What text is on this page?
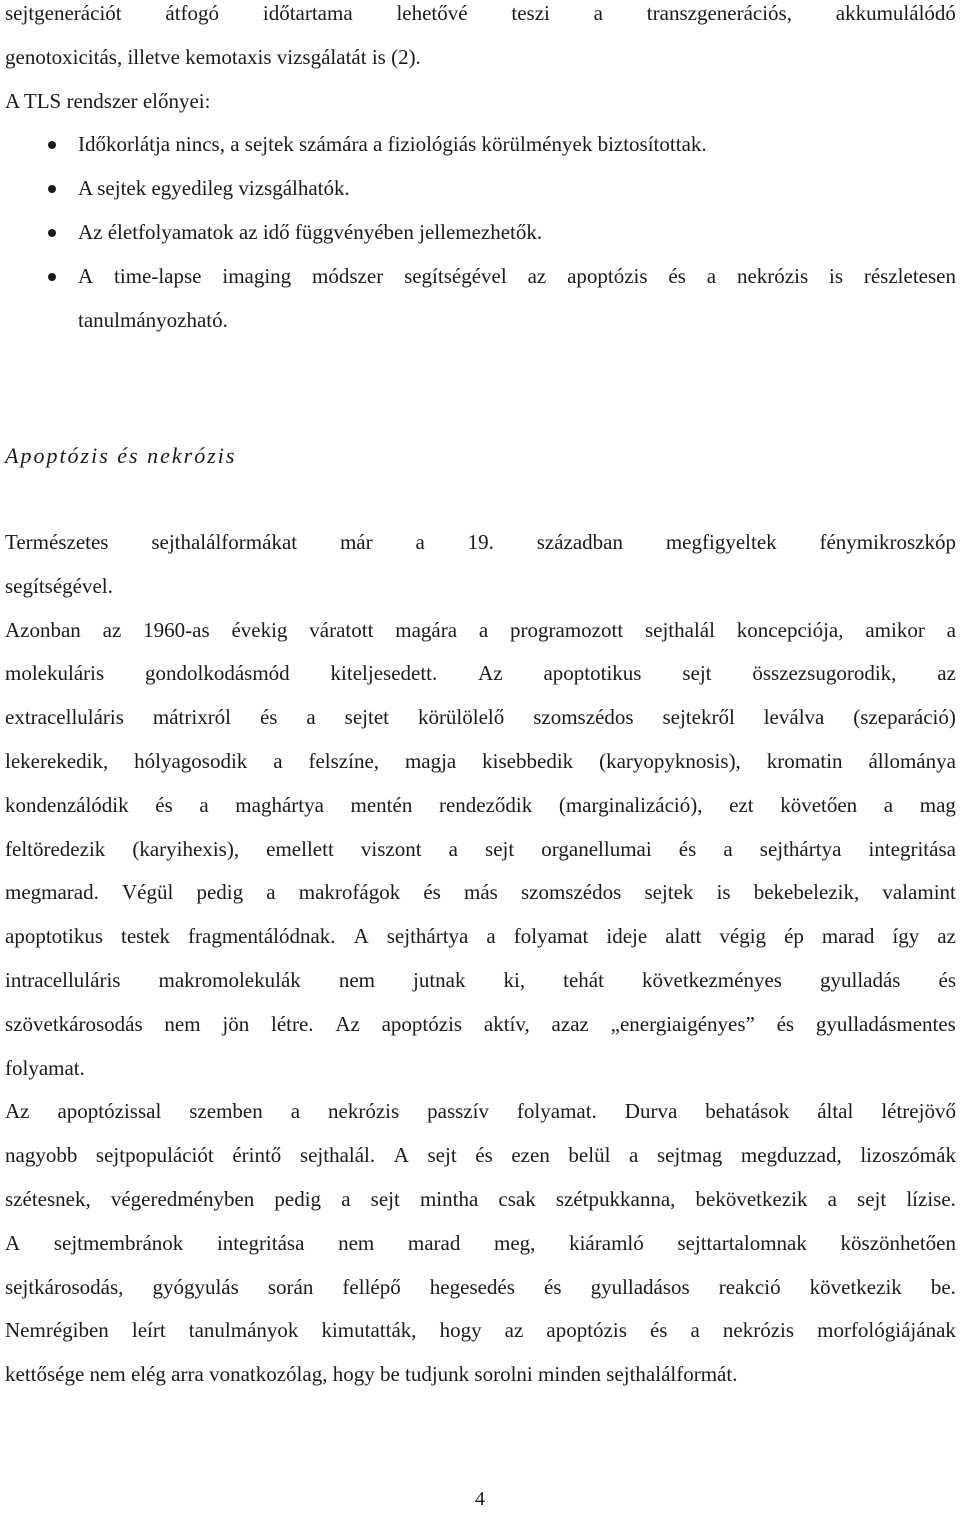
sejtgenerációt átfogó időtartama lehetővé teszi a transzgenerációs, akkumulálódó
genotoxicitás, illetve kemotaxis vizsgálatát is (2).
A TLS rendszer előnyei:
Időkorlátja nincs, a sejtek számára a fiziológiás körülmények biztosítottak.
A sejtek egyedileg vizsgálhatók.
Az életfolyamatok az idő függvényében jellemezhetők.
A time-lapse imaging módszer segítségével az apoptózis és a nekrózis is részletesen
tanulmányozható.
Apoptózis és nekrózis
Természetes sejthalálformákat már a 19. században megfigyeltek fénymikroszkóp
segítségével.
Azonban az 1960-as évekig váratott magára a programozott sejthalál koncepciója, amikor a
molekuláris gondolkodásmód kiteljesedett. Az apoptotikus sejt összezsugorodik, az
extracelluláris mátrixról és a sejtet körülölelő szomszédos sejtekről leválva (szeparáció)
lekerekedik, hólyagosodik a felszíne, magja kisebbedik (karyopyknosis), kromatin állománya
kondenzálódik és a maghártya mentén rendeződik (marginalizáció), ezt követően a mag
feltöredezik (karyihexis), emellett viszont a sejt organellumai és a sejthártya integritása
megmarad. Végül pedig a makrofágok és más szomszédos sejtek is bekebelezik, valamint
apoptotikus testek fragmentálódnak. A sejthártya a folyamat ideje alatt végig ép marad így az
intracelluláris makromolekulák nem jutnak ki, tehát következményes gyulladás és
szövetkárosodás nem jön létre. Az apoptózis aktív, azaz „energiaigényes” és gyulladásmentes
folyamat.
Az apoptózissal szemben a nekrózis passzív folyamat. Durva behatások által létrejövő
nagyobb sejtpopulációt érintő sejthalál. A sejt és ezen belül a sejtmag megduzzad, lizoszómák
szétesnek, végeredményben pedig a sejt mintha csak szétpukkanna, bekövetkezik a sejt lízise.
A sejtmembránok integritása nem marad meg, kiáramló sejttartalomnak köszönhetően
sejtkárosodás, gyógyulás során fellépő hegesedés és gyulladásos reakció következik be.
Nemrégiben leírt tanulmányok kimutatták, hogy az apoptózis és a nekrózis morfológiájának
kettősége nem elég arra vonatkozólag, hogy be tudjunk sorolni minden sejthalálformát.
4
